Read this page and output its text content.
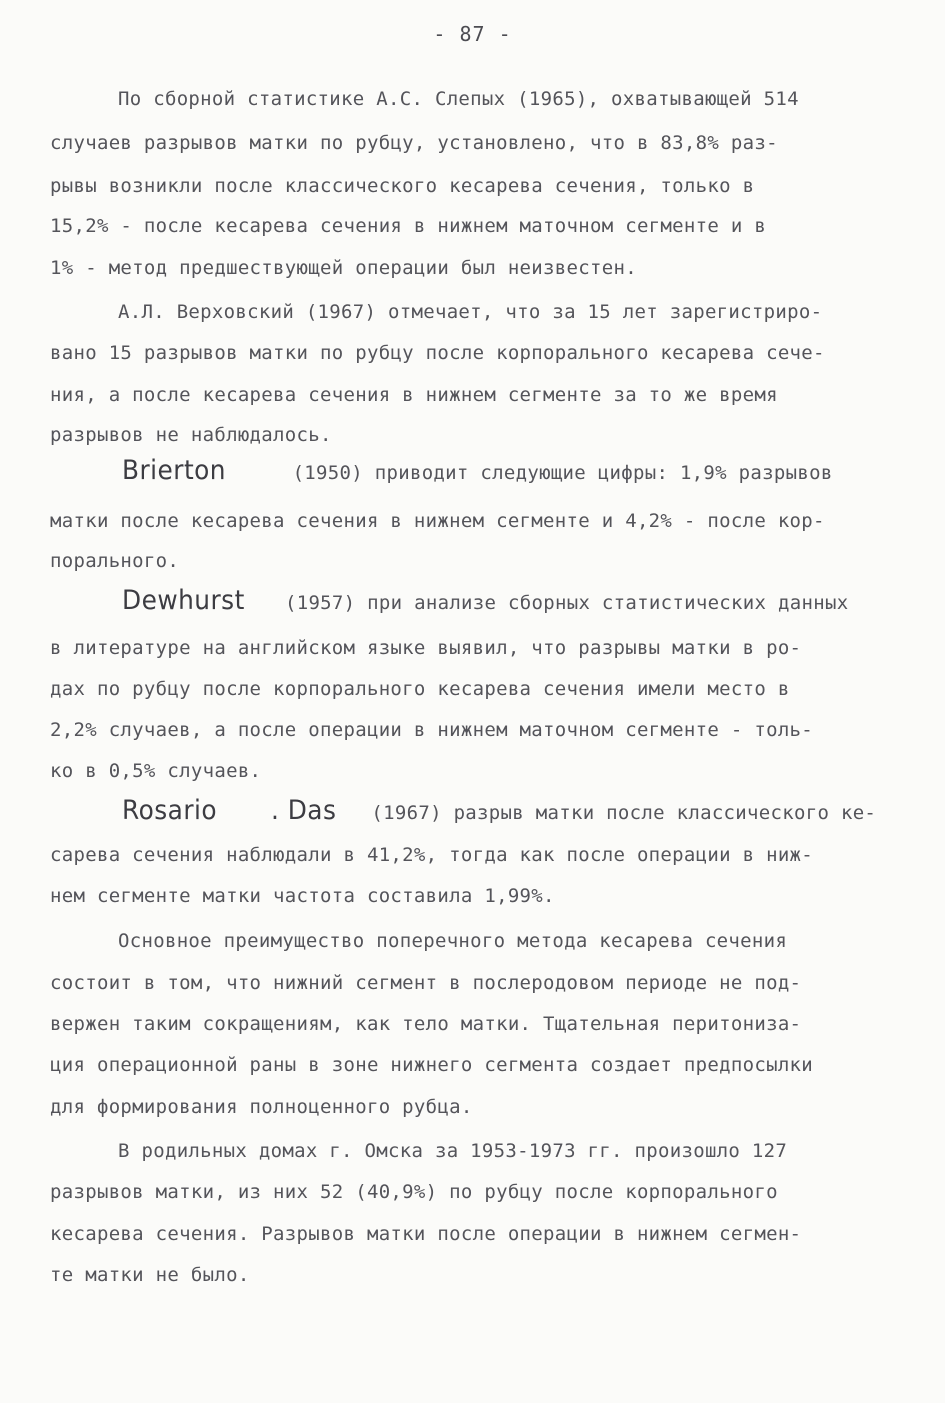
- 87 -
По сборной статистике А.С. Слепых (1965), охватывающей 514
случаев разрывов матки по рубцу, установлено, что в 83,8% раз-
рывы возникли после классического кесарева сечения, только в
15,2% - после кесарева сечения в нижнем маточном сегменте и в
1% - метод предшествующей операции был неизвестен.
А.Л. Верховский (1967) отмечает, что за 15 лет зарегистриро-
вано 15 разрывов матки по рубцу после корпорального кесарева сече-
ния, а после кесарева сечения в нижнем сегменте за то же время
разрывов не наблюдалось.
Brierton	(1950) приводит следующие цифры: 1,9% разрывов
матки после кесарева сечения в нижнем сегменте и 4,2% - после кор-
порального.
Dewhurst (1957) при анализе сборных статистических данных
в литературе на английском языке выявил, что разрывы матки в ро-
дах по рубцу после корпорального кесарева сечения имели место в
2,2% случаев, а после операции в нижнем маточном сегменте - толь-
ко в 0,5% случаев.
Rosario . Das (1967) разрыв матки после классического ке-
сарева сечения наблюдали в 41,2%, тогда как после операции в ниж-
нем сегменте матки частота составила 1,99%.
Основное преимущество поперечного метода кесарева сечения
состоит в том, что нижний сегмент в послеродовом периоде не под-
вержен таким сокращениям, как тело матки. Тщательная перитониза-
ция операционной раны в зоне нижнего сегмента создает предпосылки
для формирования полноценного рубца.
В родильных домах г. Омска за 1953-1973 гг. произошло 127
разрывов матки, из них 52 (40,9%) по рубцу после корпорального
кесарева сечения. Разрывов матки после операции в нижнем сегмен-
те матки не было.
